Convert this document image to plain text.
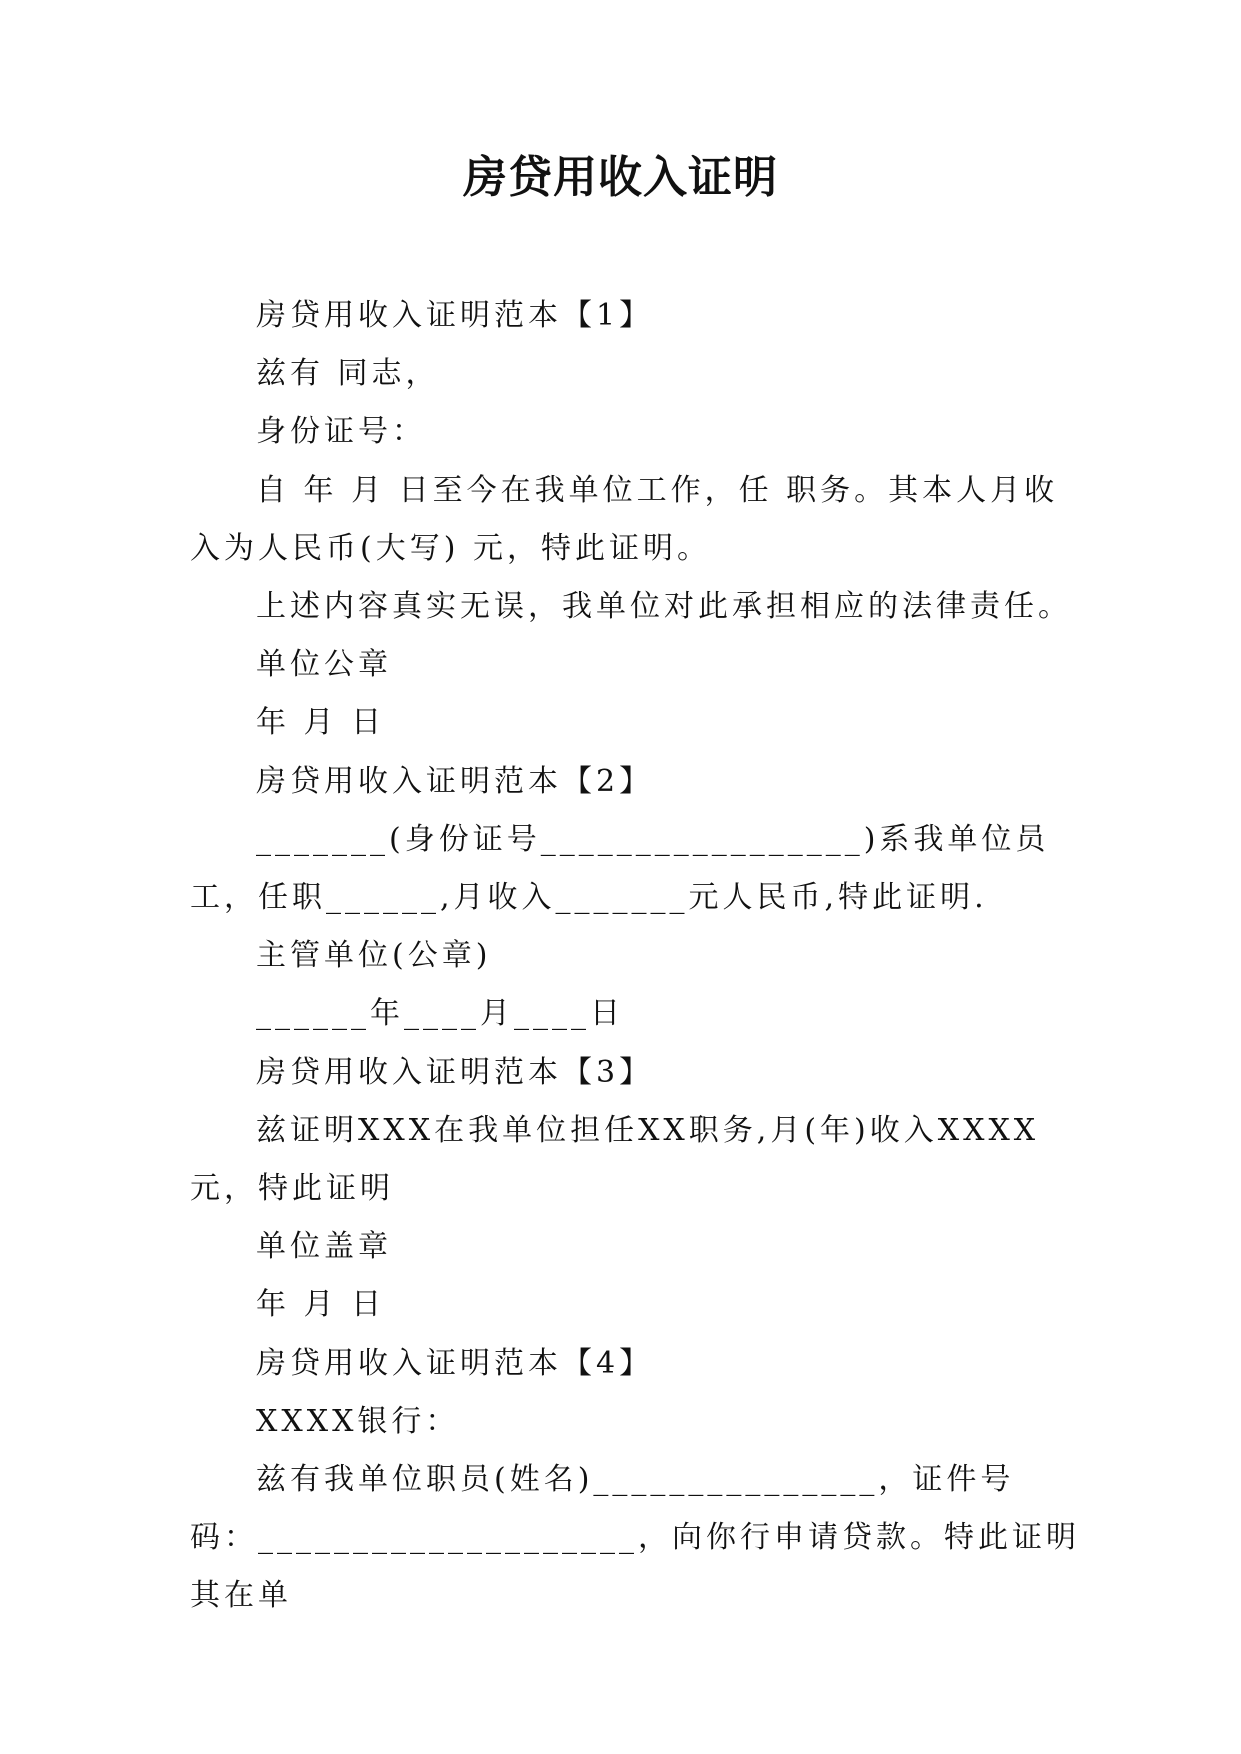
房贷用收入证明

房贷用收入证明范本【1】

兹有 同志，

身份证号：

自 年 月 日至今在我单位工作，任 职务。其本人月收入为人民币(大写) 元，特此证明。

上述内容真实无误，我单位对此承担相应的法律责任。

单位公章

年 月 日

房贷用收入证明范本【2】

_______(身份证号_________________)系我单位员工，任职______,月收入_______元人民币,特此证明.

主管单位(公章)

______年____月____日

房贷用收入证明范本【3】

兹证明XXX在我单位担任XX职务,月(年)收入XXXX元，特此证明

单位盖章

年 月 日

房贷用收入证明范本【4】

XXXX银行：

兹有我单位职员(姓名)_______________，证件号码：____________________，向你行申请贷款。特此证明其在单
